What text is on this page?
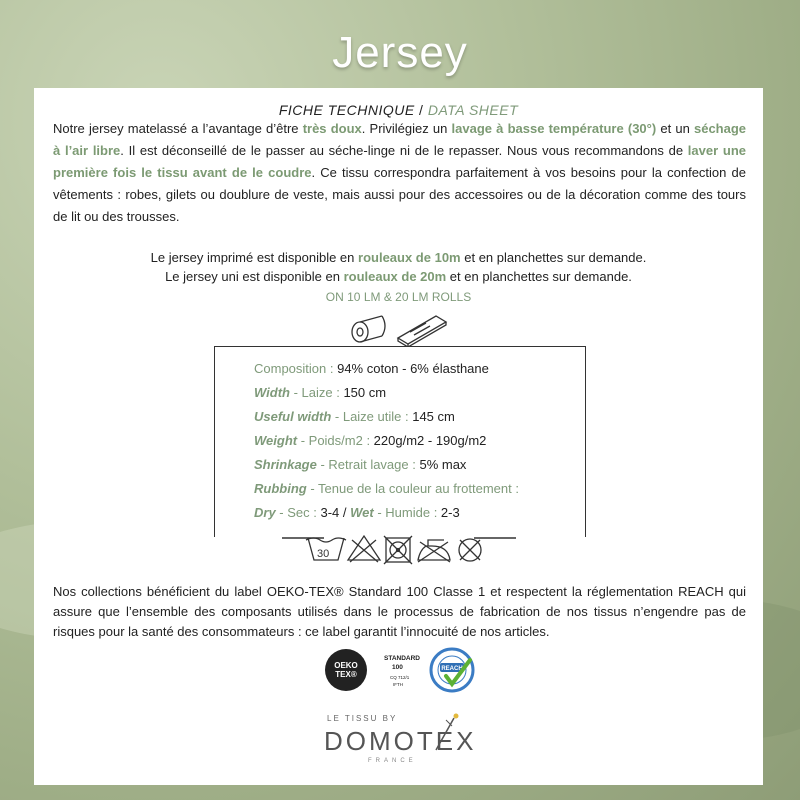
Jersey
FICHE TECHNIQUE / DATA SHEET

Notre jersey matelassé a l’avantage d’être très doux. Privilégiez un lavage à basse température (30°) et un séchage à l’air libre. Il est déconseillé de le passer au séche-linge ni de le repasser. Nous vous recommandons de laver une première fois le tissu avant de le coudre. Ce tissu correspondra parfaitement à vos besoins pour la confection de vêtements : robes, gilets ou doublure de veste, mais aussi pour des accessoires ou de la décoration comme des tours de lit ou des trousses.

Le jersey imprimé est disponible en rouleaux de 10m et en planchettes sur demande.
Le jersey uni est disponible en rouleaux de 20m et en planchettes sur demande.
ON 10 LM & 20 LM ROLLS
Composition : 94% coton - 6% élasthane
Width - Laize : 150 cm
Useful width - Laize utile : 145 cm
Weight - Poids/m2 : 220g/m2 - 190g/m2
Shrinkage - Retrait lavage : 5% max
Rubbing - Tenue de la couleur au frottement :
Dry - Sec : 3-4 / Wet - Humide : 2-3
30

Nos collections bénéficient du label OEKO-TEX® Standard 100 Classe 1 et respectent la réglementation REACH qui assure que l’ensemble des composants utilisés dans le processus de fabrication de nos tissus n’engendre pas de risques pour la santé des consommateurs : ce label garantit l’innocuité de nos articles.

OEKO
TEX®
STANDARD
100
CQ 712/1
IFTH
REACH
LE TISSU BY
DOMOTEX
FRANCE
